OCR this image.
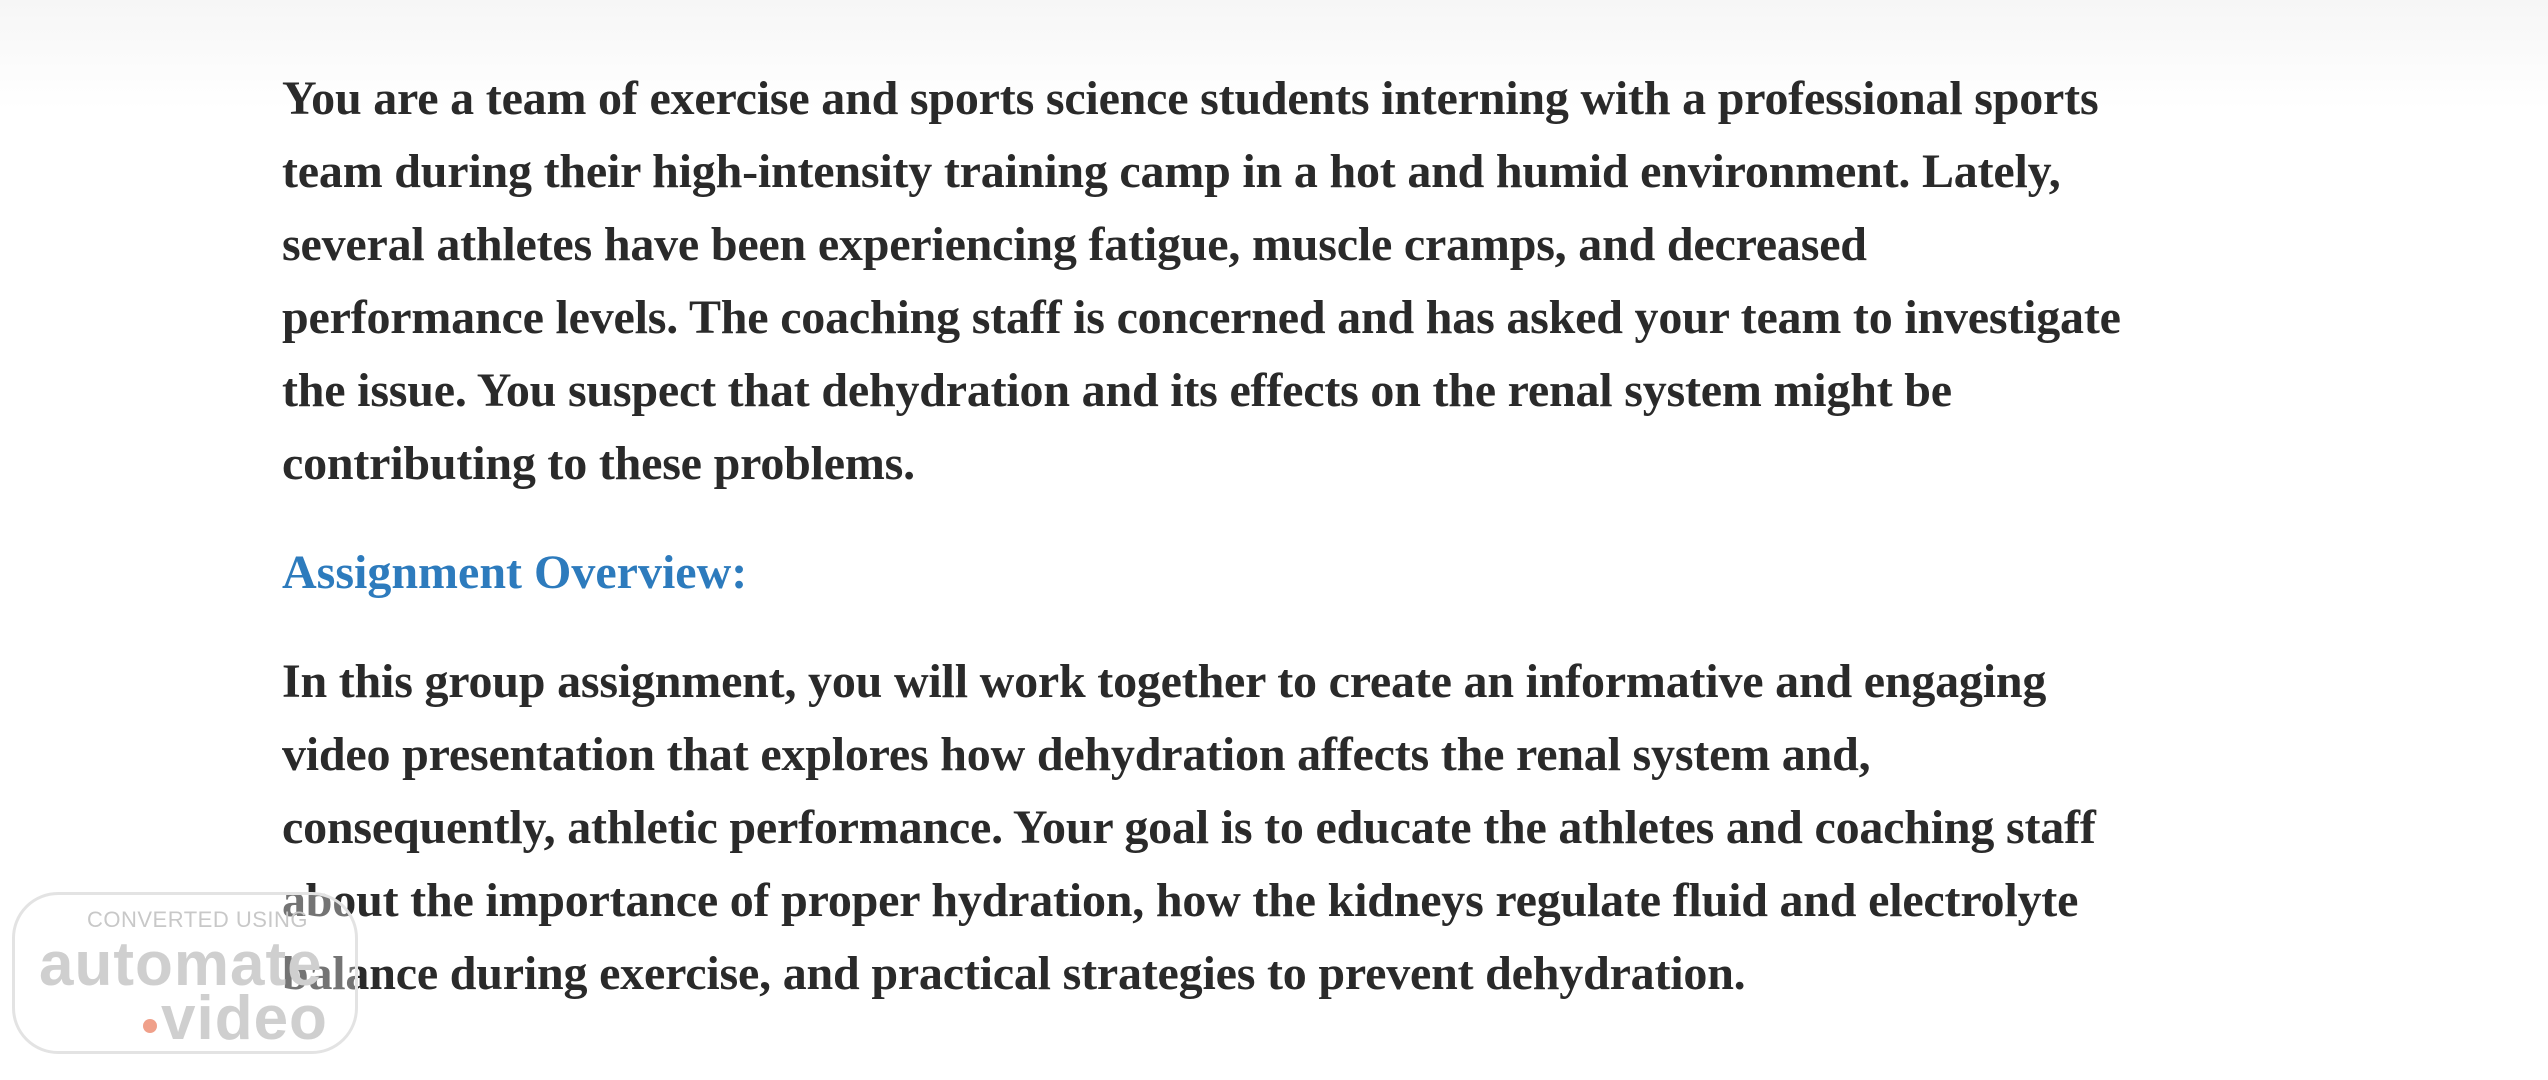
You are a team of exercise and sports science students interning with a professional sports
team during their high-intensity training camp in a hot and humid environment. Lately,
several athletes have been experiencing fatigue, muscle cramps, and decreased
performance levels. The coaching staff is concerned and has asked your team to investigate
the issue. You suspect that dehydration and its effects on the renal system might be
contributing to these problems.

Assignment Overview:

In this group assignment, you will work together to create an informative and engaging
video presentation that explores how dehydration affects the renal system and,
consequently, athletic performance. Your goal is to educate the athletes and coaching staff
about the importance of proper hydration, how the kidneys regulate fluid and electrolyte
balance during exercise, and practical strategies to prevent dehydration.

CONVERTED USING
automate
video
